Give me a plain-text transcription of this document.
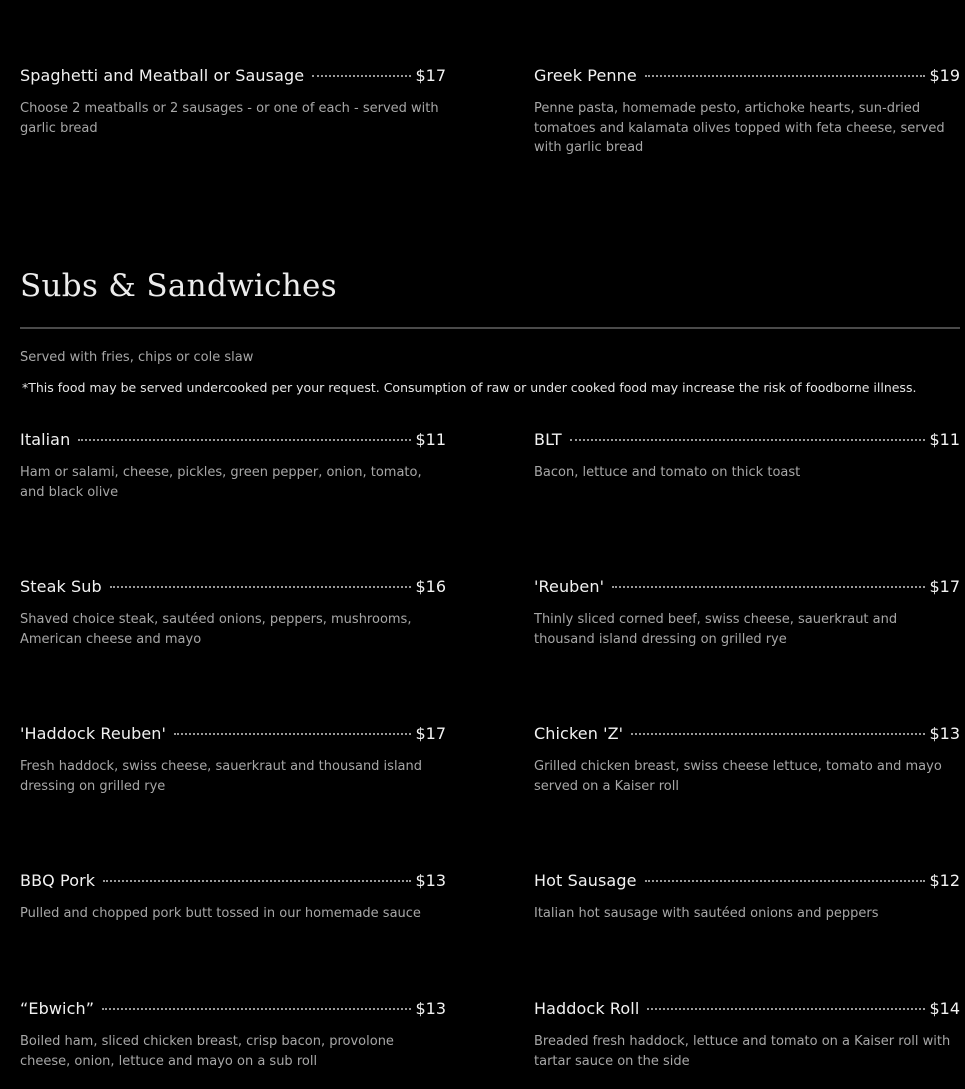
Spaghetti and Meatball or Sausage	$17
Choose 2 meatballs or 2 sausages - or one of each - served with garlic bread
Greek Penne	$19
Penne pasta, homemade pesto, artichoke hearts, sun-dried tomatoes and kalamata olives topped with feta cheese, served with garlic bread
Subs & Sandwiches
Served with fries, chips or cole slaw
*This food may be served undercooked per your request. Consumption of raw or under cooked food may increase the risk of foodborne illness.
Italian	$11
Ham or salami, cheese, pickles, green pepper, onion, tomato, and black olive
BLT	$11
Bacon, lettuce and tomato on thick toast
Steak Sub	$16
Shaved choice steak, sautéed onions, peppers, mushrooms, American cheese and mayo
'Reuben'	$17
Thinly sliced corned beef, swiss cheese, sauerkraut and thousand island dressing on grilled rye
'Haddock Reuben'	$17
Fresh haddock, swiss cheese, sauerkraut and thousand island dressing on grilled rye
Chicken 'Z'	$13
Grilled chicken breast, swiss cheese lettuce, tomato and mayo served on a Kaiser roll
BBQ Pork	$13
Pulled and chopped pork butt tossed in our homemade sauce
Hot Sausage	$12
Italian hot sausage with sautéed onions and peppers
“Ebwich”	$13
Boiled ham, sliced chicken breast, crisp bacon, provolone cheese, onion, lettuce and mayo on a sub roll
Haddock Roll	$14
Breaded fresh haddock, lettuce and tomato on a Kaiser roll with tartar sauce on the side
